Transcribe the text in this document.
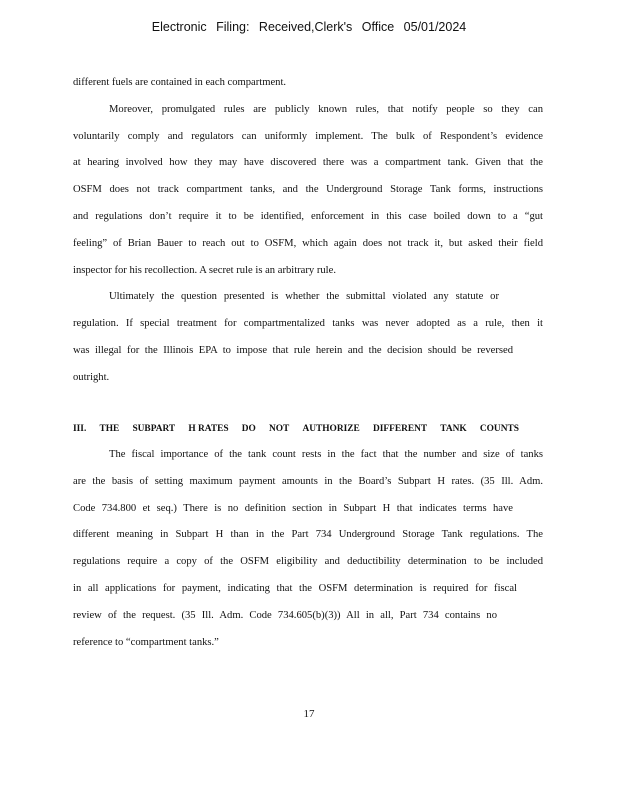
Electronic Filing: Received,Clerk's Office 05/01/2024
different fuels are contained in each compartment.
Moreover, promulgated rules are publicly known rules, that notify people so they can
voluntarily comply and regulators can uniformly implement. The bulk of Respondent’s evidence
at hearing involved how they may have discovered there was a compartment tank. Given that the
OSFM does not track compartment tanks, and the Underground Storage Tank forms, instructions
and regulations don’t require it to be identified, enforcement in this case boiled down to a “gut
feeling” of Brian Bauer to reach out to OSFM, which again does not track it, but asked their field
inspector for his recollection. A secret rule is an arbitrary rule.
Ultimately the question presented is whether the submittal violated any statute or
regulation. If special treatment for compartmentalized tanks was never adopted as a rule, then it
was illegal for the Illinois EPA to impose that rule herein and the decision should be reversed
outright.
III. THE SUBPART H RATES DO NOT AUTHORIZE DIFFERENT TANK COUNTS
The fiscal importance of the tank count rests in the fact that the number and size of tanks
are the basis of setting maximum payment amounts in the Board’s Subpart H rates. (35 Ill. Adm.
Code 734.800 et seq.) There is no definition section in Subpart H that indicates terms have
different meaning in Subpart H than in the Part 734 Underground Storage Tank regulations. The
regulations require a copy of the OSFM eligibility and deductibility determination to be included
in all applications for payment, indicating that the OSFM determination is required for fiscal
review of the request. (35 Ill. Adm. Code 734.605(b)(3)) All in all, Part 734 contains no
reference to “compartment tanks.”
17
